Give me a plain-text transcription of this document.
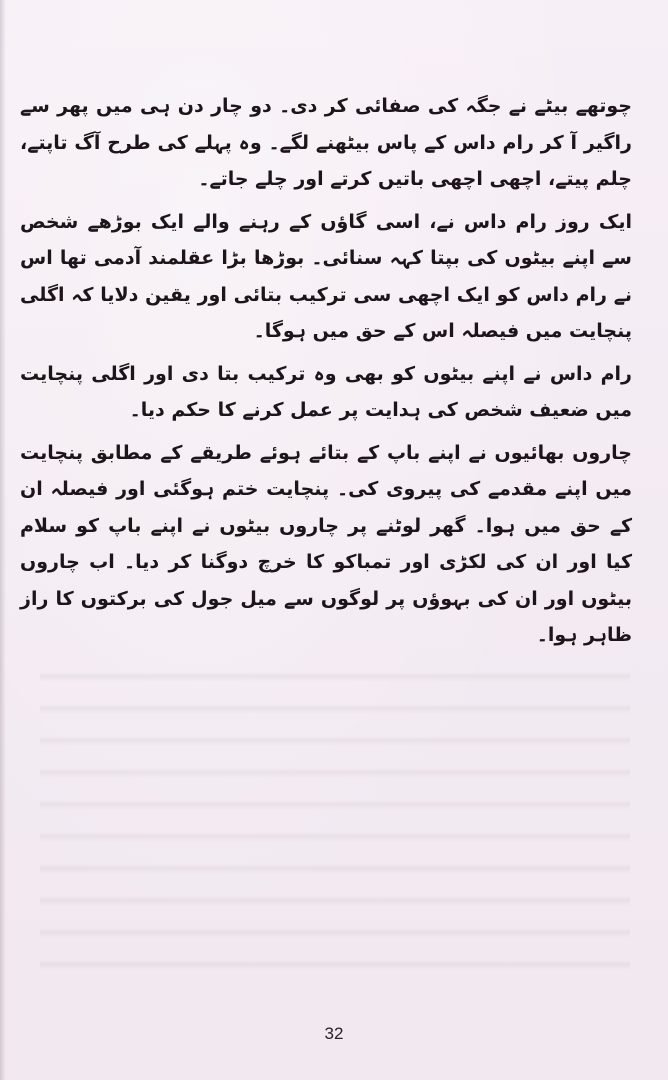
چوتھے بیٹے نے جگہ کی صفائی کر دی۔ دو چار دن ہی میں پھر سے راگیر آ کر رام داس کے پاس بیٹھنے لگے۔ وہ پہلے کی طرح آگ تاپتے، چلم پیتے، اچھی اچھی باتیں کرتے اور چلے جاتے۔

ایک روز رام داس نے، اسی گاؤں کے رہنے والے ایک بوڑھے شخص سے اپنے بیٹوں کی بپتا کہہ سنائی۔ بوڑھا بڑا عقلمند آدمی تھا اس نے رام داس کو ایک اچھی سی ترکیب بتائی اور یقین دلایا کہ اگلی پنچایت میں فیصلہ اس کے حق میں ہوگا۔

رام داس نے اپنے بیٹوں کو بھی وہ ترکیب بتا دی اور اگلی پنچایت میں ضعیف شخص کی ہدایت پر عمل کرنے کا حکم دیا۔

چاروں بھائیوں نے اپنے باپ کے بتائے ہوئے طریقے کے مطابق پنچایت میں اپنے مقدمے کی پیروی کی۔ پنچایت ختم ہوگئی اور فیصلہ ان کے حق میں ہوا۔ گھر لوٹنے پر چاروں بیٹوں نے اپنے باپ کو سلام کیا اور ان کی لکڑی اور تمباکو کا خرچ دوگنا کر دیا۔ اب چاروں بیٹوں اور ان کی بہوؤں پر لوگوں سے میل جول کی برکتوں کا راز ظاہر ہوا۔

32
